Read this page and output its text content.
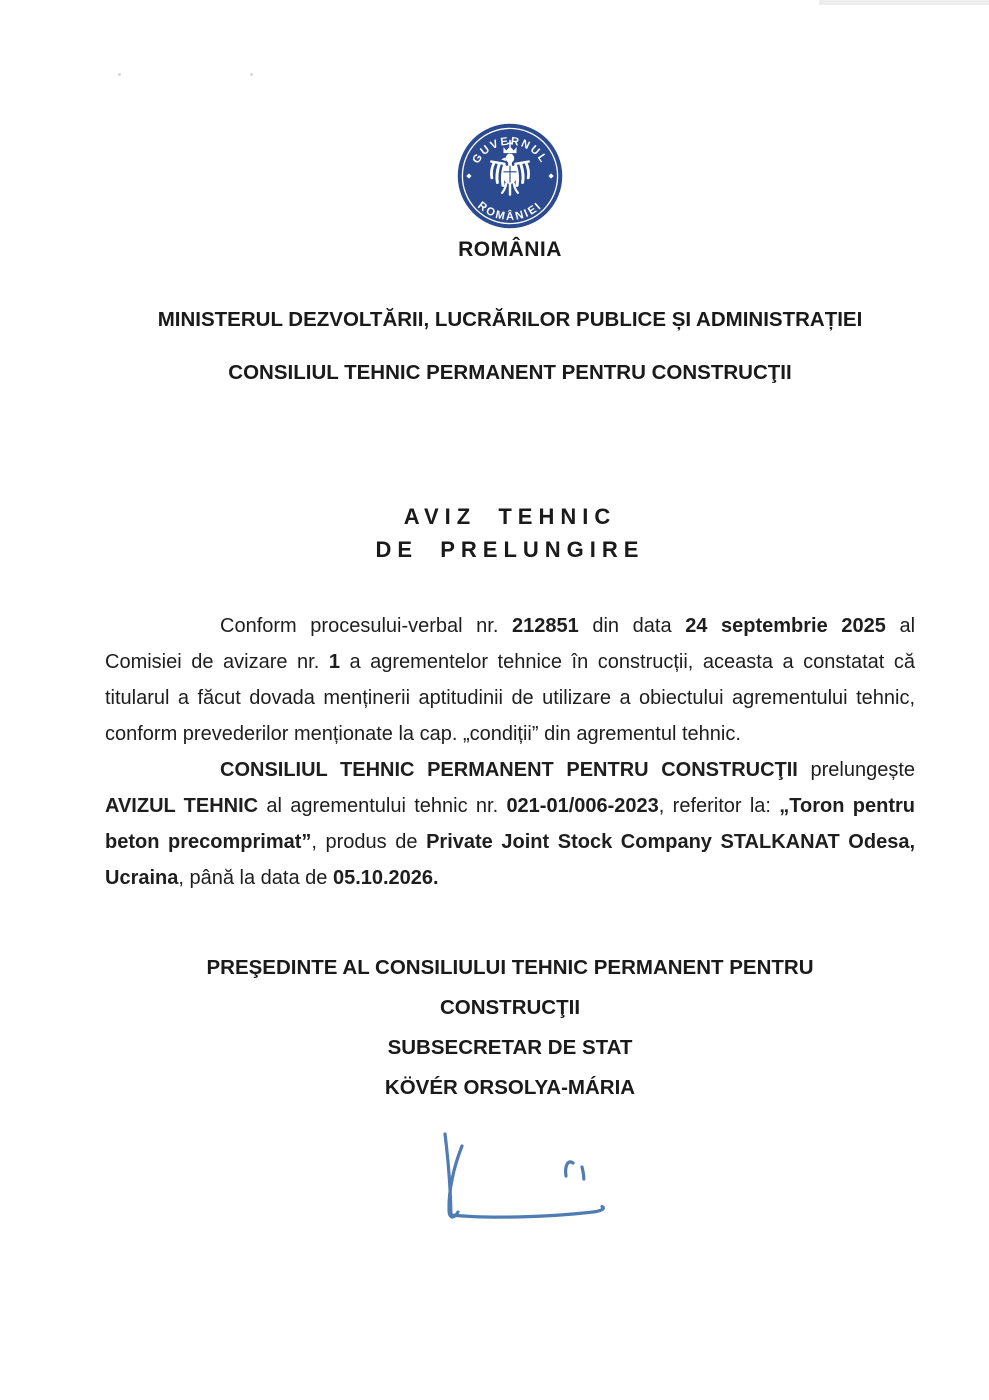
GUVERNUL
ROMÂNIEI
ROMÂNIA
MINISTERUL DEZVOLTĂRII, LUCRĂRILOR PUBLICE ȘI ADMINISTRAȚIEI
CONSILIUL TEHNIC PERMANENT PENTRU CONSTRUCŢII
AVIZ TEHNIC
DE PRELUNGIRE

Conform procesului-verbal nr. 212851 din data 24 septembrie 2025 al Comisiei de avizare nr. 1 a agrementelor tehnice în construcții, aceasta a constatat că titularul a făcut dovada menținerii aptitudinii de utilizare a obiectului agrementului tehnic, conform prevederilor menționate la cap. „condiții” din agrementul tehnic.

CONSILIUL TEHNIC PERMANENT PENTRU CONSTRUCŢII prelungește AVIZUL TEHNIC al agrementului tehnic nr. 021-01/006-2023, referitor la: „Toron pentru beton precomprimat”, produs de Private Joint Stock Company STALKANAT Odesa, Ucraina, până la data de 05.10.2026.

PREŞEDINTE AL CONSILIULUI TEHNIC PERMANENT PENTRU
CONSTRUCŢII
SUBSECRETAR DE STAT
KÖVÉR ORSOLYA-MÁRIA
